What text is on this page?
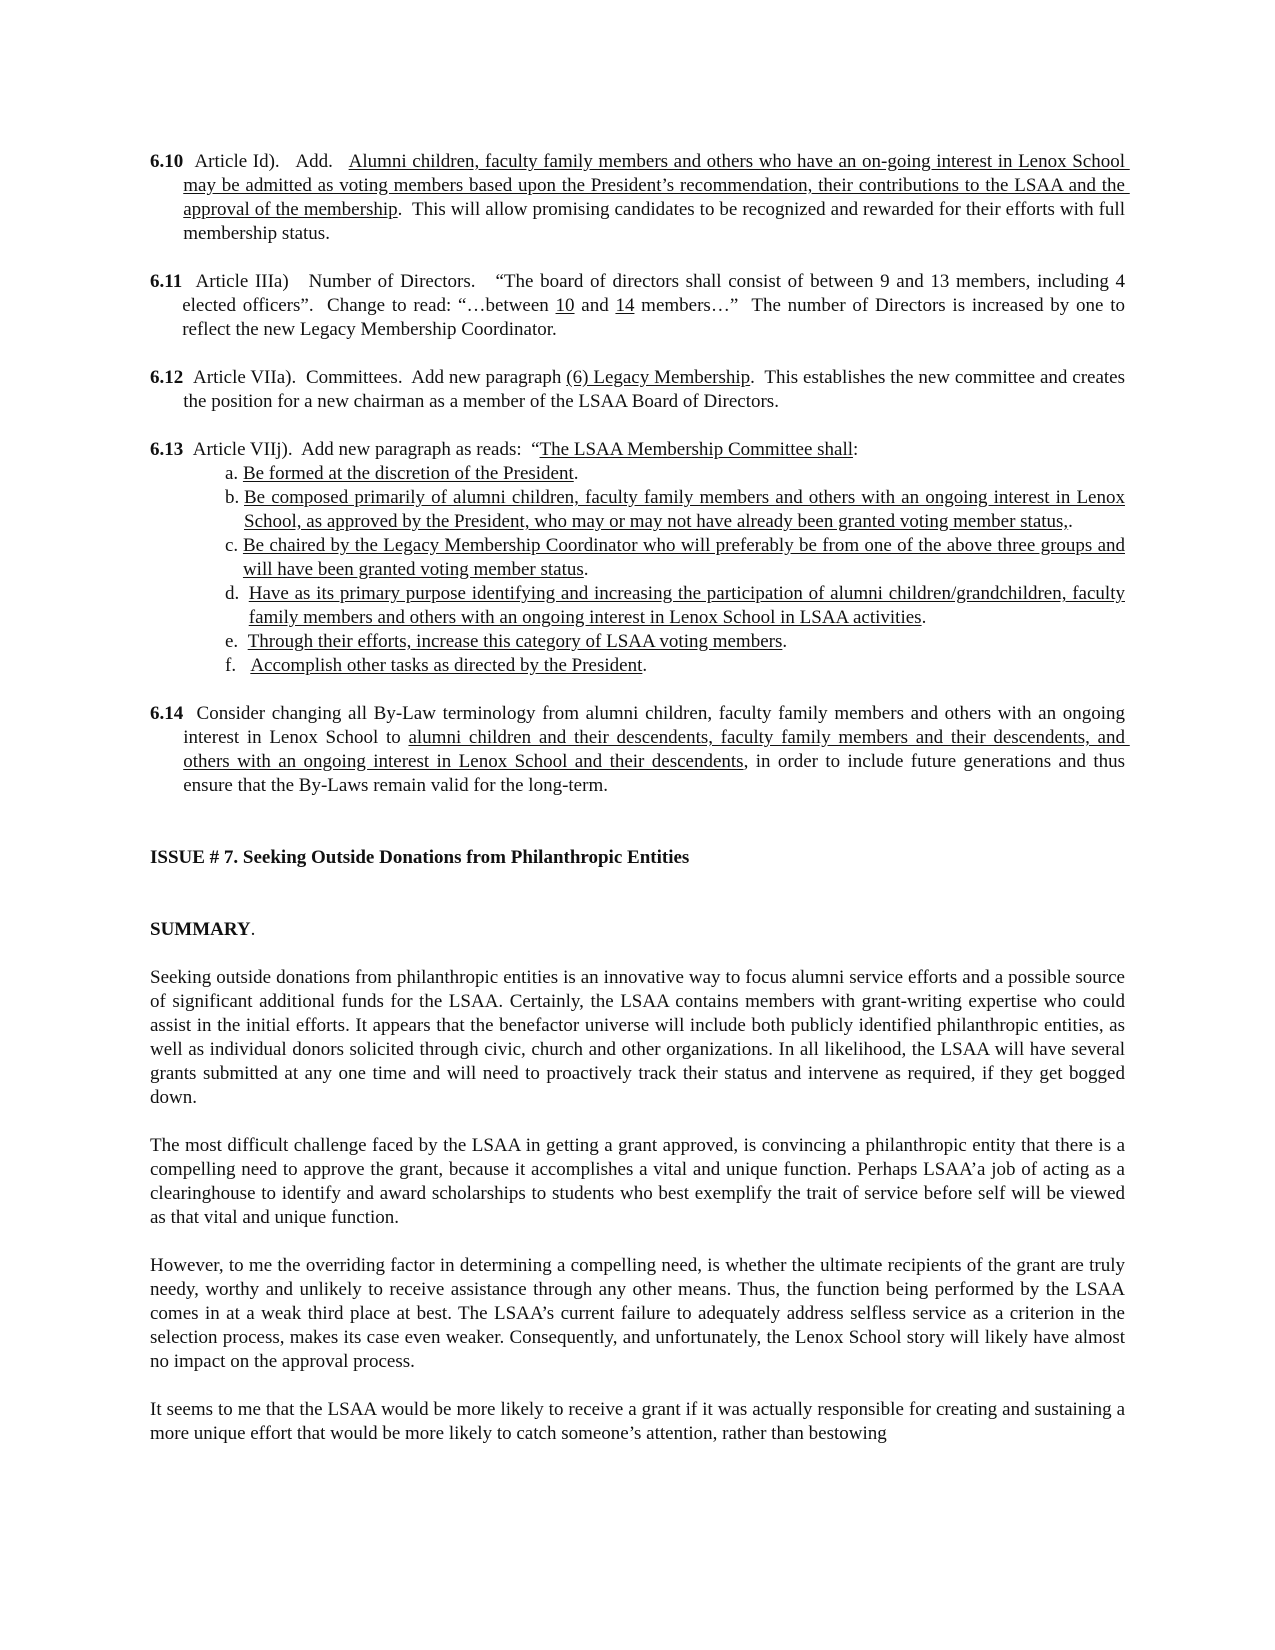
6.10 Article Id).   Add.   Alumni children, faculty family members and others who have an on-going interest in Lenox School may be admitted as voting members based upon the President’s recommendation, their contributions to the LSAA and the approval of the membership.  This will allow promising candidates to be recognized and rewarded for their efforts with full membership status.
6.11 Article IIIa)   Number of Directors.   “The board of directors shall consist of between 9 and 13 members, including 4 elected officers”.  Change to read: “…between 10 and 14 members…”  The number of Directors is increased by one to reflect the new Legacy Membership Coordinator.
6.12 Article VIIa).  Committees.  Add new paragraph (6) Legacy Membership.  This establishes the new committee and creates the position for a new chairman as a member of the LSAA Board of Directors.
6.13 Article VIIj).  Add new paragraph as reads:  “The LSAA Membership Committee shall:
a. Be formed at the discretion of the President.
b. Be composed primarily of alumni children, faculty family members and others with an ongoing interest in Lenox School, as approved by the President, who may or may not have already been granted voting member status,.
c. Be chaired by the Legacy Membership Coordinator who will preferably be from one of the above three groups and will have been granted voting member status.
d. Have as its primary purpose identifying and increasing the participation of alumni children/grandchildren, faculty family members and others with an ongoing interest in Lenox School in LSAA activities.
e. Through their efforts, increase this category of LSAA voting members.
f. Accomplish other tasks as directed by the President.
6.14 Consider changing all By-Law terminology from alumni children, faculty family members and others with an ongoing interest in Lenox School to alumni children and their descendents, faculty family members and their descendents, and others with an ongoing interest in Lenox School and their descendents, in order to include future generations and thus ensure that the By-Laws remain valid for the long-term.
ISSUE # 7. Seeking Outside Donations from Philanthropic Entities
SUMMARY.

Seeking outside donations from philanthropic entities is an innovative way to focus alumni service efforts and a possible source of significant additional funds for the LSAA. Certainly, the LSAA contains members with grant-writing expertise who could assist in the initial efforts. It appears that the benefactor universe will include both publicly identified philanthropic entities, as well as individual donors solicited through civic, church and other organizations. In all likelihood, the LSAA will have several grants submitted at any one time and will need to proactively track their status and intervene as required, if they get bogged down.

The most difficult challenge faced by the LSAA in getting a grant approved, is convincing a philanthropic entity that there is a compelling need to approve the grant, because it accomplishes a vital and unique function. Perhaps LSAA’a job of acting as a clearinghouse to identify and award scholarships to students who best exemplify the trait of service before self will be viewed as that vital and unique function.

However, to me the overriding factor in determining a compelling need, is whether the ultimate recipients of the grant are truly needy, worthy and unlikely to receive assistance through any other means. Thus, the function being performed by the LSAA comes in at a weak third place at best. The LSAA’s current failure to adequately address selfless service as a criterion in the selection process, makes its case even weaker. Consequently, and unfortunately, the Lenox School story will likely have almost no impact on the approval process.

It seems to me that the LSAA would be more likely to receive a grant if it was actually responsible for creating and sustaining a more unique effort that would be more likely to catch someone’s attention, rather than bestowing
